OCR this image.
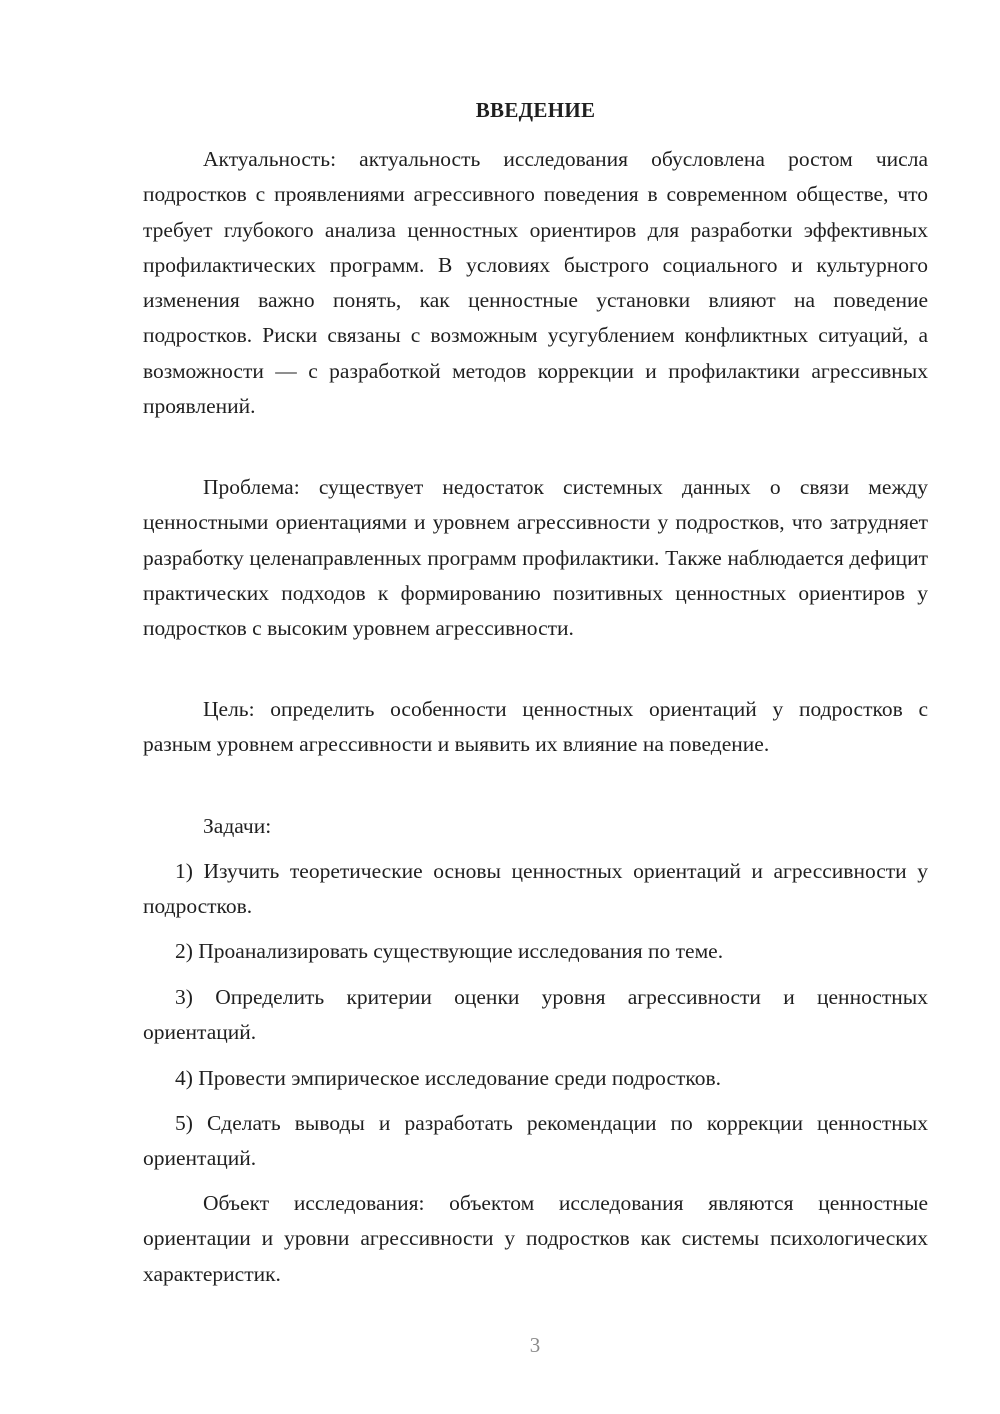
ВВЕДЕНИЕ

Актуальность: актуальность исследования обусловлена ростом числа подростков с проявлениями агрессивного поведения в современном обществе, что требует глубокого анализа ценностных ориентиров для разработки эффективных профилактических программ. В условиях быстрого социального и культурного изменения важно понять, как ценностные установки влияют на поведение подростков. Риски связаны с возможным усугублением конфликтных ситуаций, а возможности — с разработкой методов коррекции и профилактики агрессивных проявлений.

Проблема: существует недостаток системных данных о связи между ценностными ориентациями и уровнем агрессивности у подростков, что затрудняет разработку целенаправленных программ профилактики. Также наблюдается дефицит практических подходов к формированию позитивных ценностных ориентиров у подростков с высоким уровнем агрессивности.

Цель: определить особенности ценностных ориентаций у подростков с разным уровнем агрессивности и выявить их влияние на поведение.

Задачи:

1) Изучить теоретические основы ценностных ориентаций и агрессивности у подростков.

2) Проанализировать существующие исследования по теме.

3) Определить критерии оценки уровня агрессивности и ценностных ориентаций.

4) Провести эмпирическое исследование среди подростков.

5) Сделать выводы и разработать рекомендации по коррекции ценностных ориентаций.

Объект исследования: объектом исследования являются ценностные ориентации и уровни агрессивности у подростков как системы психологических характеристик.

3
